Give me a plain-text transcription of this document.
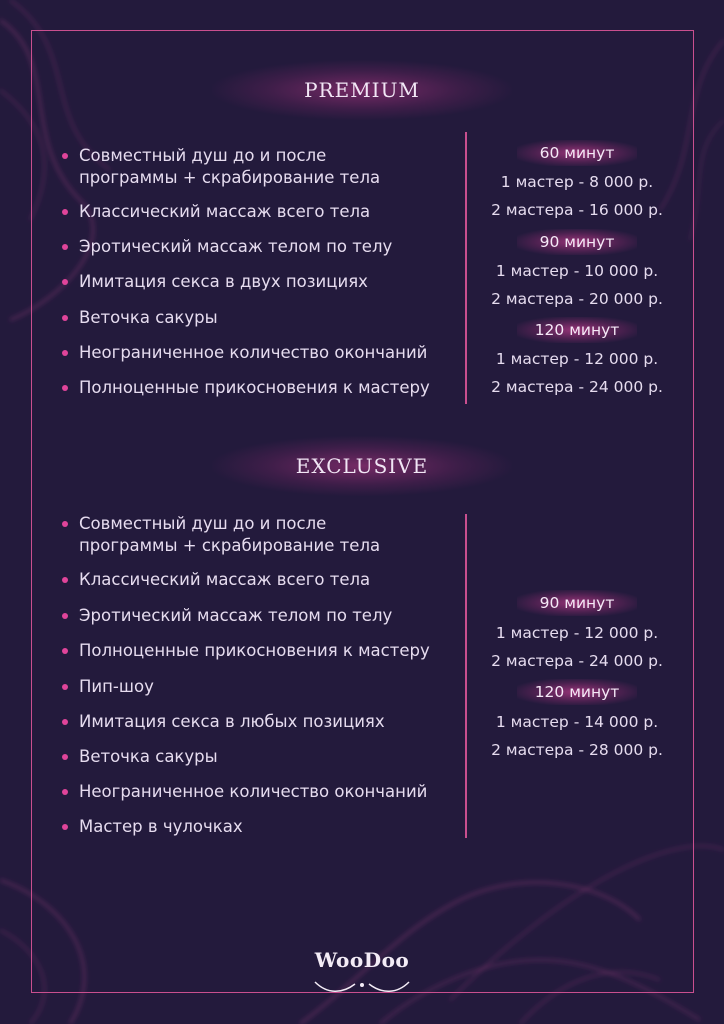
PREMIUM
Совместный душ до и после
программы + скрабирование тела
Классический массаж всего тела
Эротический массаж телом по телу
Имитация секса в двух позициях
Веточка сакуры
Неограниченное количество окончаний
Полноценные прикосновения к мастеру
60 минут
1 мастер - 8 000 р.
2 мастера - 16 000 р.
90 минут
1 мастер - 10 000 р.
2 мастера - 20 000 р.
120 минут
1 мастер - 12 000 р.
2 мастера - 24 000 р.
EXCLUSIVE
Совместный душ до и после
программы + скрабирование тела
Классический массаж всего тела
Эротический массаж телом по телу
Полноценные прикосновения к мастеру
Пип-шоу
Имитация секса в любых позициях
Веточка сакуры
Неограниченное количество окончаний
Мастер в чулочках
90 минут
1 мастер - 12 000 р.
2 мастера - 24 000 р.
120 минут
1 мастер - 14 000 р.
2 мастера - 28 000 р.
WooDoo
